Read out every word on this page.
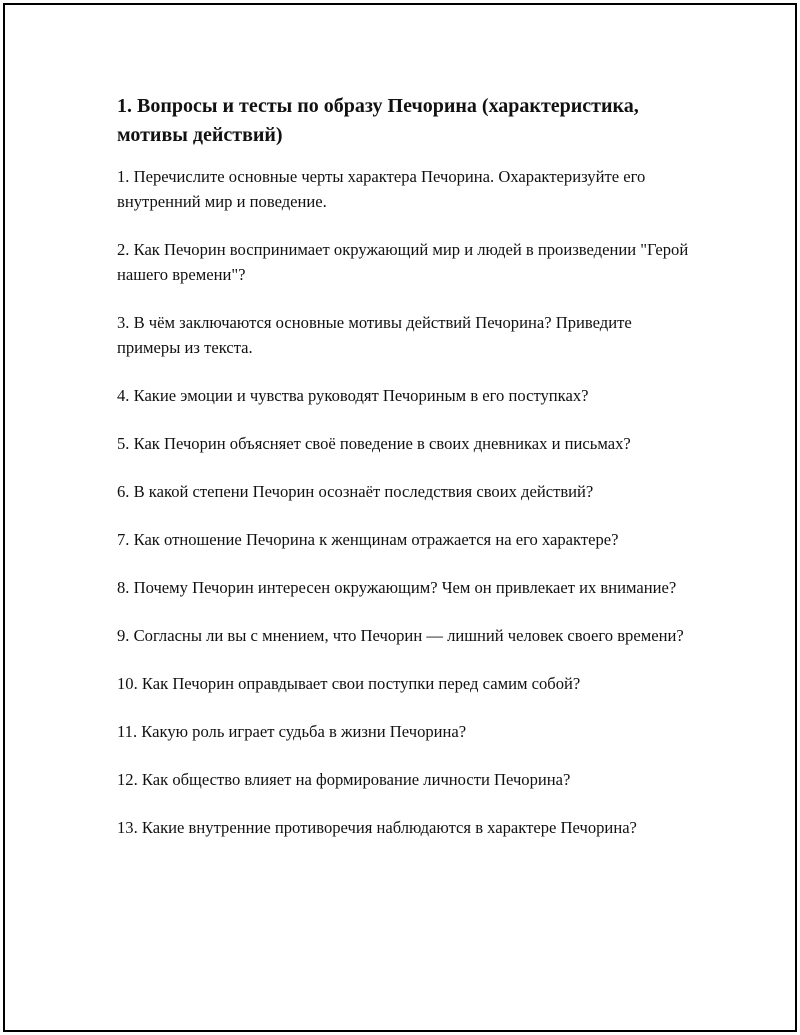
1. Вопросы и тесты по образу Печорина (характеристика, мотивы действий)
1. Перечислите основные черты характера Печорина. Охарактеризуйте его внутренний мир и поведение.
2. Как Печорин воспринимает окружающий мир и людей в произведении "Герой нашего времени"?
3. В чём заключаются основные мотивы действий Печорина? Приведите примеры из текста.
4. Какие эмоции и чувства руководят Печориным в его поступках?
5. Как Печорин объясняет своё поведение в своих дневниках и письмах?
6. В какой степени Печорин осознаёт последствия своих действий?
7. Как отношение Печорина к женщинам отражается на его характере?
8. Почему Печорин интересен окружающим? Чем он привлекает их внимание?
9. Согласны ли вы с мнением, что Печорин — лишний человек своего времени?
10. Как Печорин оправдывает свои поступки перед самим собой?
11. Какую роль играет судьба в жизни Печорина?
12. Как общество влияет на формирование личности Печорина?
13. Какие внутренние противоречия наблюдаются в характере Печорина?
